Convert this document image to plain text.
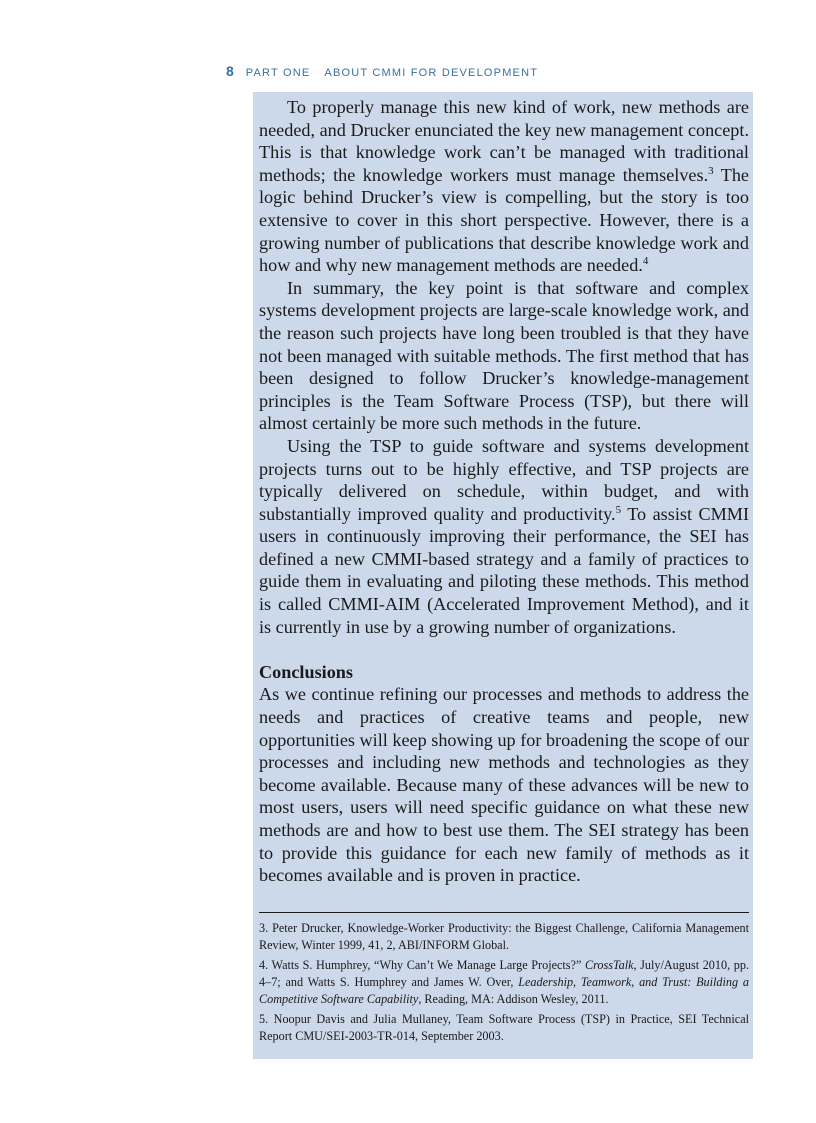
8 PART ONE ABOUT CMMI FOR DEVELOPMENT

To properly manage this new kind of work, new methods are needed, and Drucker enunciated the key new management concept. This is that knowledge work can’t be managed with traditional methods; the knowledge workers must manage themselves.$^3$ The logic behind Drucker’s view is compelling, but the story is too extensive to cover in this short perspective. However, there is a growing number of publications that describe knowledge work and how and why new management methods are needed.$^4$

In summary, the key point is that software and complex systems development projects are large-scale knowledge work, and the reason such projects have long been troubled is that they have not been managed with suitable methods. The first method that has been designed to follow Drucker’s knowledge-management principles is the Team Software Process (TSP), but there will almost certainly be more such methods in the future.

Using the TSP to guide software and systems development projects turns out to be highly effective, and TSP projects are typically delivered on schedule, within budget, and with substantially improved quality and productivity.$^5$ To assist CMMI users in continuously improving their performance, the SEI has defined a new CMMI-based strategy and a family of practices to guide them in evaluating and piloting these methods. This method is called CMMI-AIM (Accelerated Improvement Method), and it is currently in use by a growing number of organizations.

Conclusions

As we continue refining our processes and methods to address the needs and practices of creative teams and people, new opportunities will keep showing up for broadening the scope of our processes and including new methods and technologies as they become available. Because many of these advances will be new to most users, users will need specific guidance on what these new methods are and how to best use them. The SEI strategy has been to provide this guidance for each new family of methods as it becomes available and is proven in practice.

3. Peter Drucker, Knowledge-Worker Productivity: the Biggest Challenge, California Management Review, Winter 1999, 41, 2, ABI/INFORM Global.

4. Watts S. Humphrey, “Why Can’t We Manage Large Projects?” CrossTalk, July/August 2010, pp. 4–7; and Watts S. Humphrey and James W. Over, Leadership, Teamwork, and Trust: Building a Competitive Software Capability, Reading, MA: Addison Wesley, 2011.

5. Noopur Davis and Julia Mullaney, Team Software Process (TSP) in Practice, SEI Technical Report CMU/SEI-2003-TR-014, September 2003.
